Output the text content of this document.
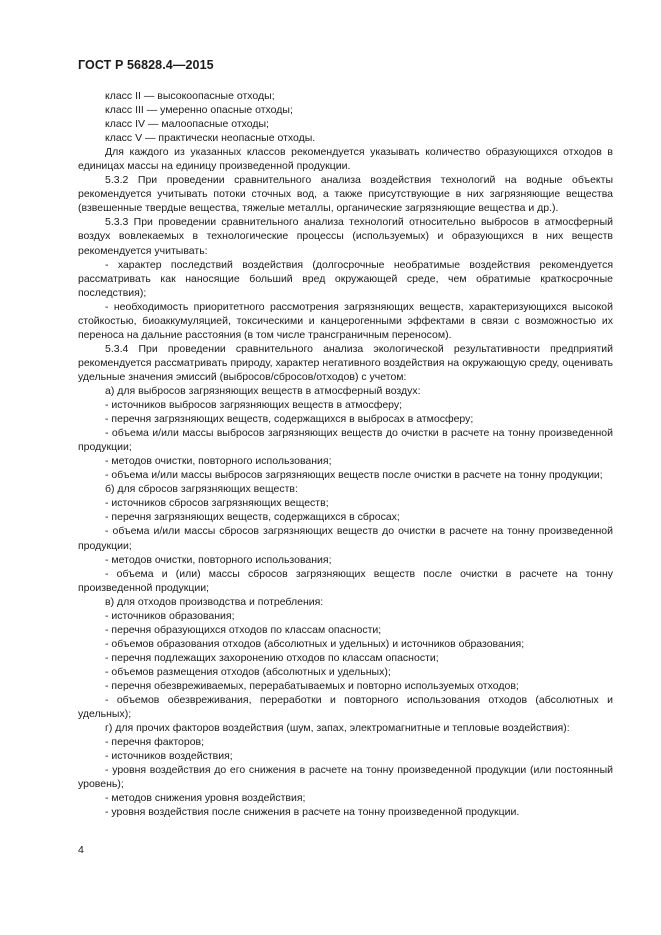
ГОСТ Р 56828.4—2015

класс II — высокоопасные отходы;

класс III — умеренно опасные отходы;

класс IV — малоопасные отходы;

класс V — практически неопасные отходы.

Для каждого из указанных классов рекомендуется указывать количество образующихся отходов в единицах массы на единицу произведенной продукции.

5.3.2 При проведении сравнительного анализа воздействия технологий на водные объекты рекомендуется учитывать потоки сточных вод, а также присутствующие в них загрязняющие вещества (взвешенные твердые вещества, тяжелые металлы, органические загрязняющие вещества и др.).

5.3.3 При проведении сравнительного анализа технологий относительно выбросов в атмосферный воздух вовлекаемых в технологические процессы (используемых) и образующихся в них веществ рекомендуется учитывать:

- характер последствий воздействия (долгосрочные необратимые воздействия рекомендуется рассматривать как наносящие больший вред окружающей среде, чем обратимые краткосрочные последствия);

- необходимость приоритетного рассмотрения загрязняющих веществ, характеризующихся высокой стойкостью, биоаккумуляцией, токсическими и канцерогенными эффектами в связи с возможностью их переноса на дальние расстояния (в том числе трансграничным переносом).

5.3.4 При проведении сравнительного анализа экологической результативности предприятий рекомендуется рассматривать природу, характер негативного воздействия на окружающую среду, оценивать удельные значения эмиссий (выбросов/сбросов/отходов) с учетом:

а) для выбросов загрязняющих веществ в атмосферный воздух:

- источников выбросов загрязняющих веществ в атмосферу;

- перечня загрязняющих веществ, содержащихся в выбросах в атмосферу;

- объема и/или массы выбросов загрязняющих веществ до очистки в расчете на тонну произведенной продукции;

- методов очистки, повторного использования;

- объема и/или массы выбросов загрязняющих веществ после очистки в расчете на тонну продукции;

б) для сбросов загрязняющих веществ:

- источников сбросов загрязняющих веществ;

- перечня загрязняющих веществ, содержащихся в сбросах;

- объема и/или массы сбросов загрязняющих веществ до очистки в расчете на тонну произведенной продукции;

- методов очистки, повторного использования;

- объема и (или) массы сбросов загрязняющих веществ после очистки в расчете на тонну произведенной продукции;

в) для отходов производства и потребления:

- источников образования;

- перечня образующихся отходов по классам опасности;

- объемов образования отходов (абсолютных и удельных) и источников образования;

- перечня подлежащих захоронению отходов по классам опасности;

- объемов размещения отходов (абсолютных и удельных);

- перечня обезвреживаемых, перерабатываемых и повторно используемых отходов;

- объемов обезвреживания, переработки и повторного использования отходов (абсолютных и удельных);

г) для прочих факторов воздействия (шум, запах, электромагнитные и тепловые воздействия):

- перечня факторов;

- источников воздействия;

- уровня воздействия до его снижения в расчете на тонну произведенной продукции (или постоянный уровень);

- методов снижения уровня воздействия;

- уровня воздействия после снижения в расчете на тонну произведенной продукции.

4
